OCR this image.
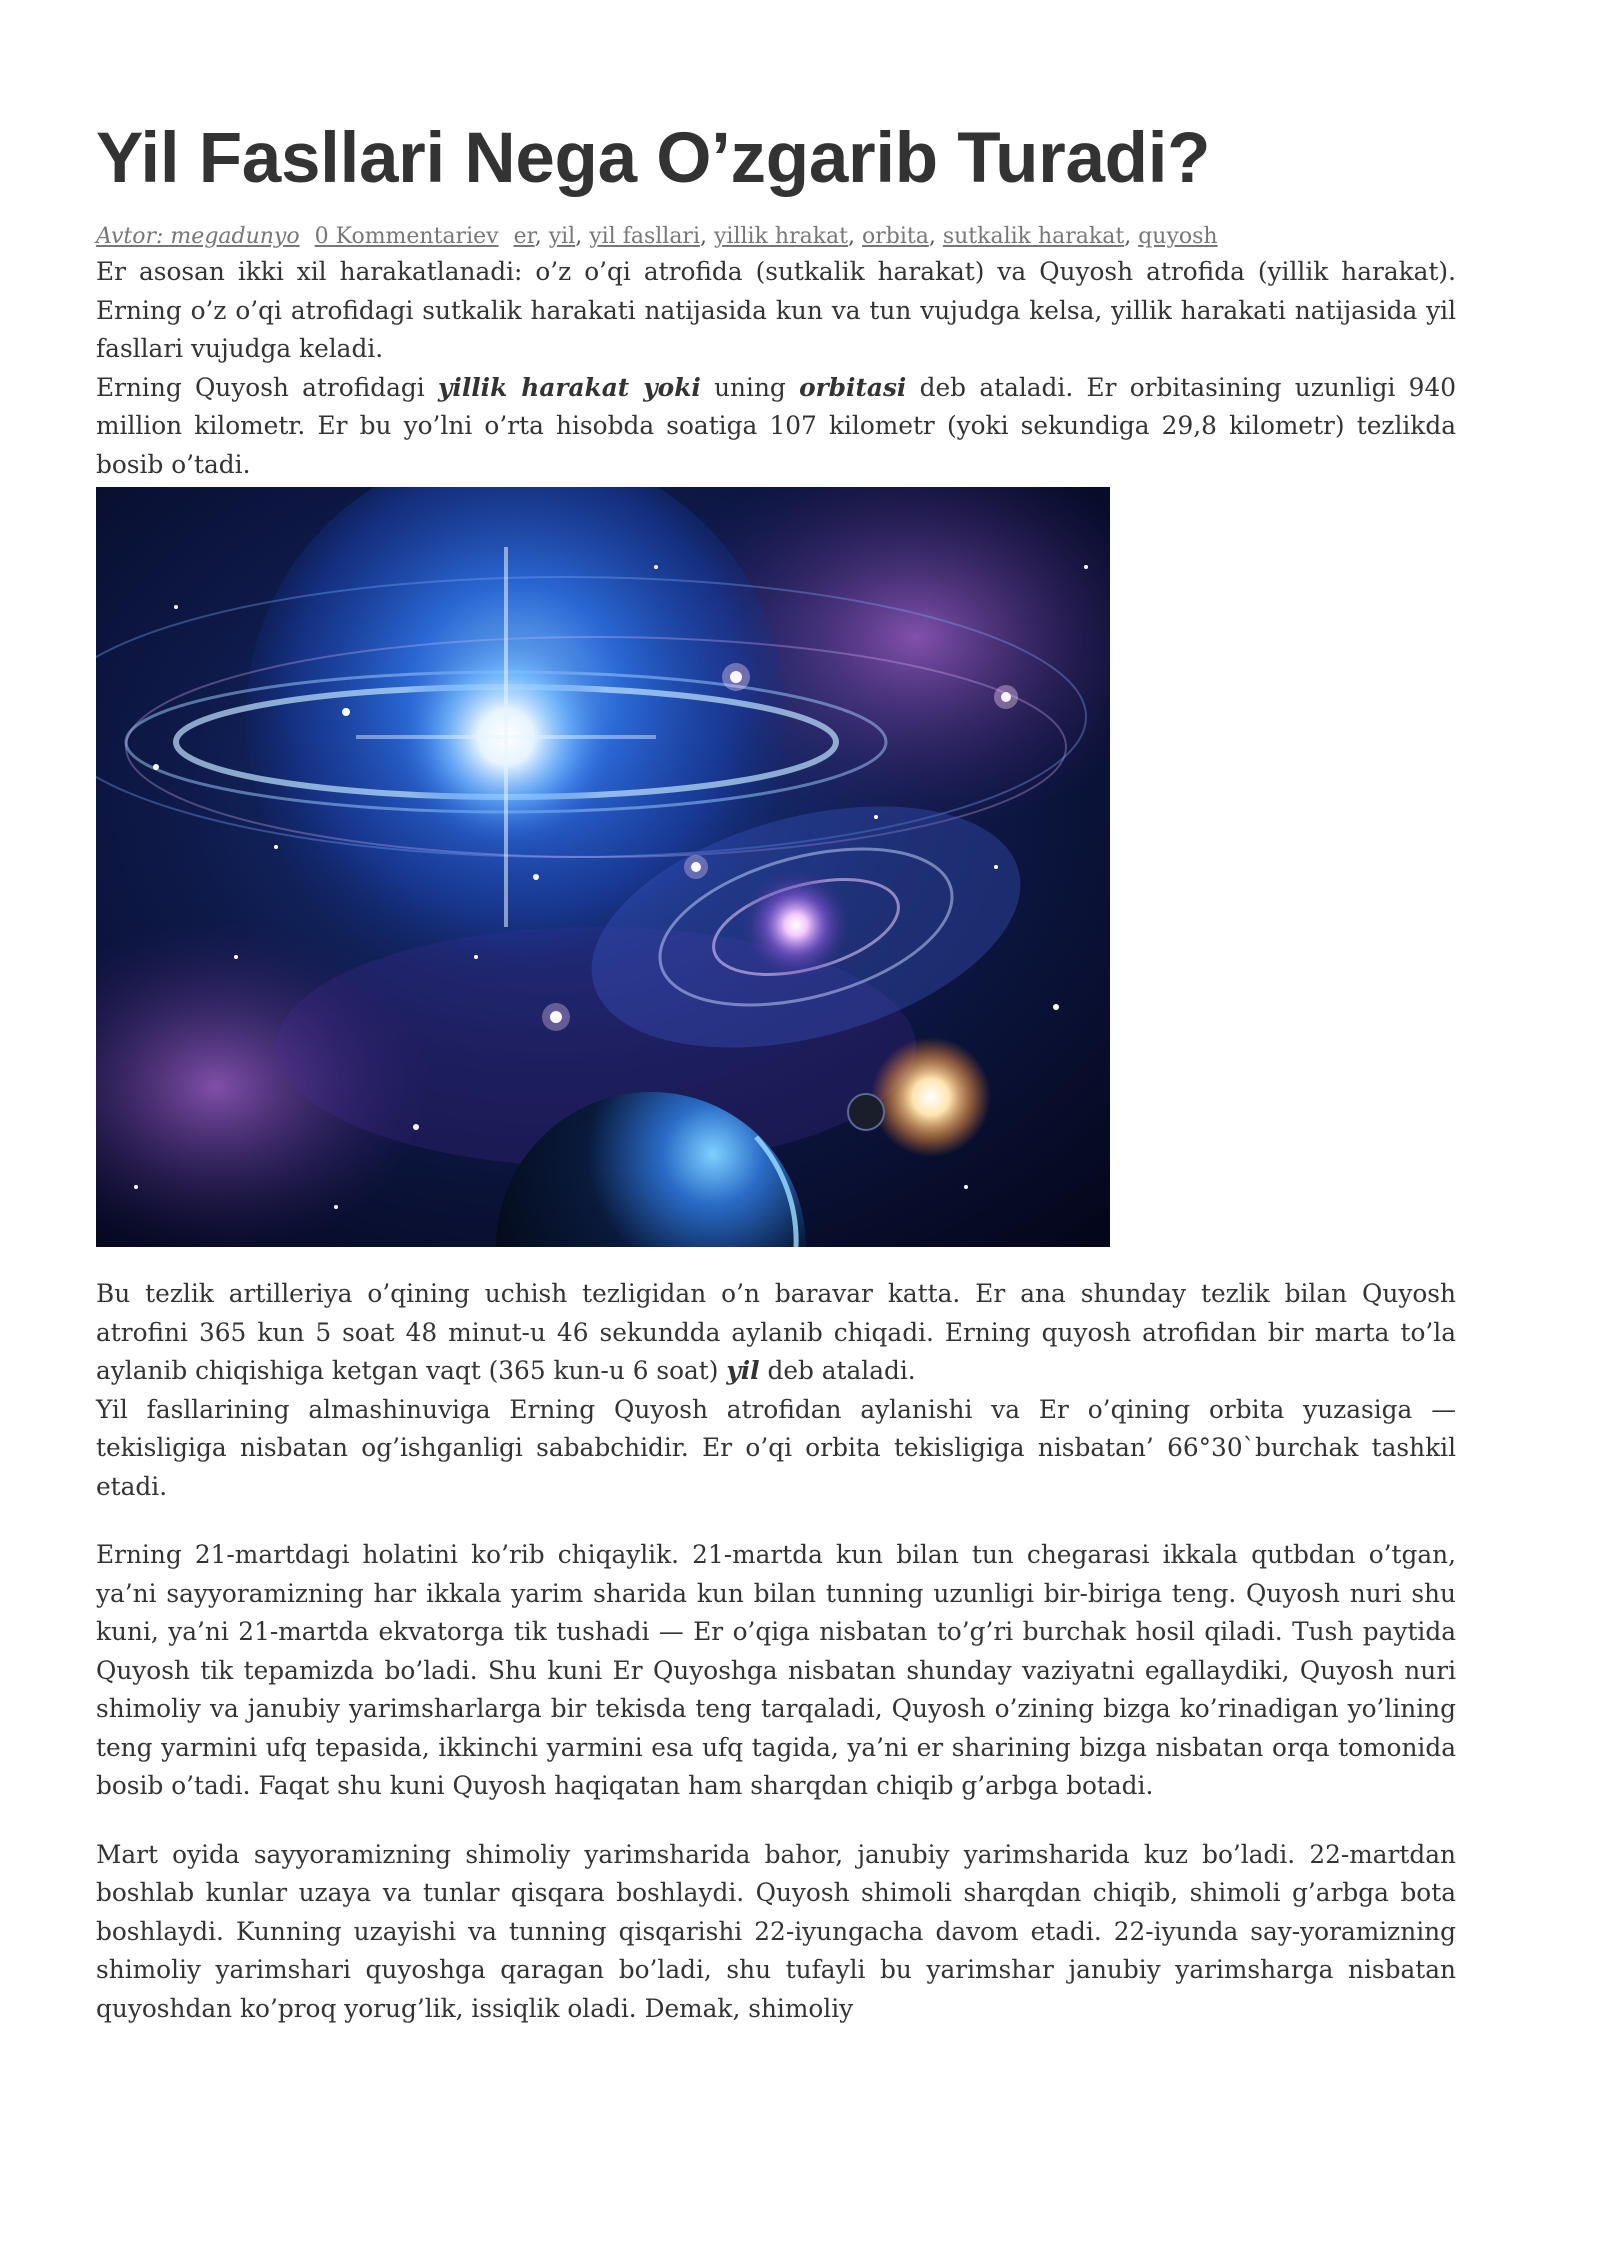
Yil Fasllari Nega O’zgarib Turadi?
Avtor: megadunyo 0 Kommentariev er, yil, yil fasllari, yillik hrakat, orbita, sutkalik harakat, quyosh

Er asosan ikki xil harakatlanadi: o’z o’qi atrofida (sutkalik harakat) va Quyosh atrofida (yillik harakat). Erning o’z o’qi atrofidagi sutkalik harakati natijasida kun va tun vujudga kelsa, yillik harakati natijasida yil fasllari vujudga keladi.

Erning Quyosh atrofidagi yillik harakat yoki uning orbitasi deb ataladi. Er orbitasining uzunligi 940 million kilometr. Er bu yo’lni o’rta hisobda soatiga 107 kilometr (yoki sekundiga 29,8 kilometr) tezlikda bosib o’tadi.

Bu tezlik artilleriya o’qining uchish tezligidan o’n baravar katta. Er ana shunday tezlik bilan Quyosh atrofini 365 kun 5 soat 48 minut-u 46 sekundda aylanib chiqadi. Erning quyosh atrofidan bir marta to’la aylanib chiqishiga ketgan vaqt (365 kun-u 6 soat) yil deb ataladi.

Yil fasllarining almashinuviga Erning Quyosh atrofidan aylanishi va Er o’qining orbita yuzasiga — tekisligiga nisbatan og’ishganligi sababchidir. Er o’qi orbita tekisligiga nisbatan’ 66°30`burchak tashkil etadi.

Erning 21-martdagi holatini ko’rib chiqaylik. 21-martda kun bilan tun chegarasi ikkala qutbdan o’tgan, ya’ni sayyoramizning har ikkala yarim sharida kun bilan tunning uzunligi bir-biriga teng. Quyosh nuri shu kuni, ya’ni 21-martda ekvatorga tik tushadi — Er o’qiga nisbatan to’g’ri burchak hosil qiladi. Tush paytida Quyosh tik tepamizda bo’ladi. Shu kuni Er Quyoshga nisbatan shunday vaziyatni egallaydiki, Quyosh nuri shimoliy va janubiy yarimsharlarga bir tekisda teng tarqaladi, Quyosh o’zining bizga ko’rinadigan yo’lining teng yarmini ufq tepasida, ikkinchi yarmini esa ufq tagida, ya’ni er sharining bizga nisbatan orqa tomonida bosib o’tadi. Faqat shu kuni Quyosh haqiqatan ham sharqdan chiqib g’arbga botadi.

Mart oyida sayyoramizning shimoliy yarimsharida bahor, janubiy yarimsharida kuz bo’ladi. 22-martdan boshlab kunlar uzaya va tunlar qisqara boshlaydi. Quyosh shimoli sharqdan chiqib, shimoli g’arbga bota boshlaydi. Kunning uzayishi va tunning qisqarishi 22-iyungacha davom etadi. 22-iyunda say-yoramizning shimoliy yarimshari quyoshga qaragan bo’ladi, shu tufayli bu yarimshar janubiy yarimsharga nisbatan quyoshdan ko’proq yorug’lik, issiqlik oladi. Demak, shimoliy
